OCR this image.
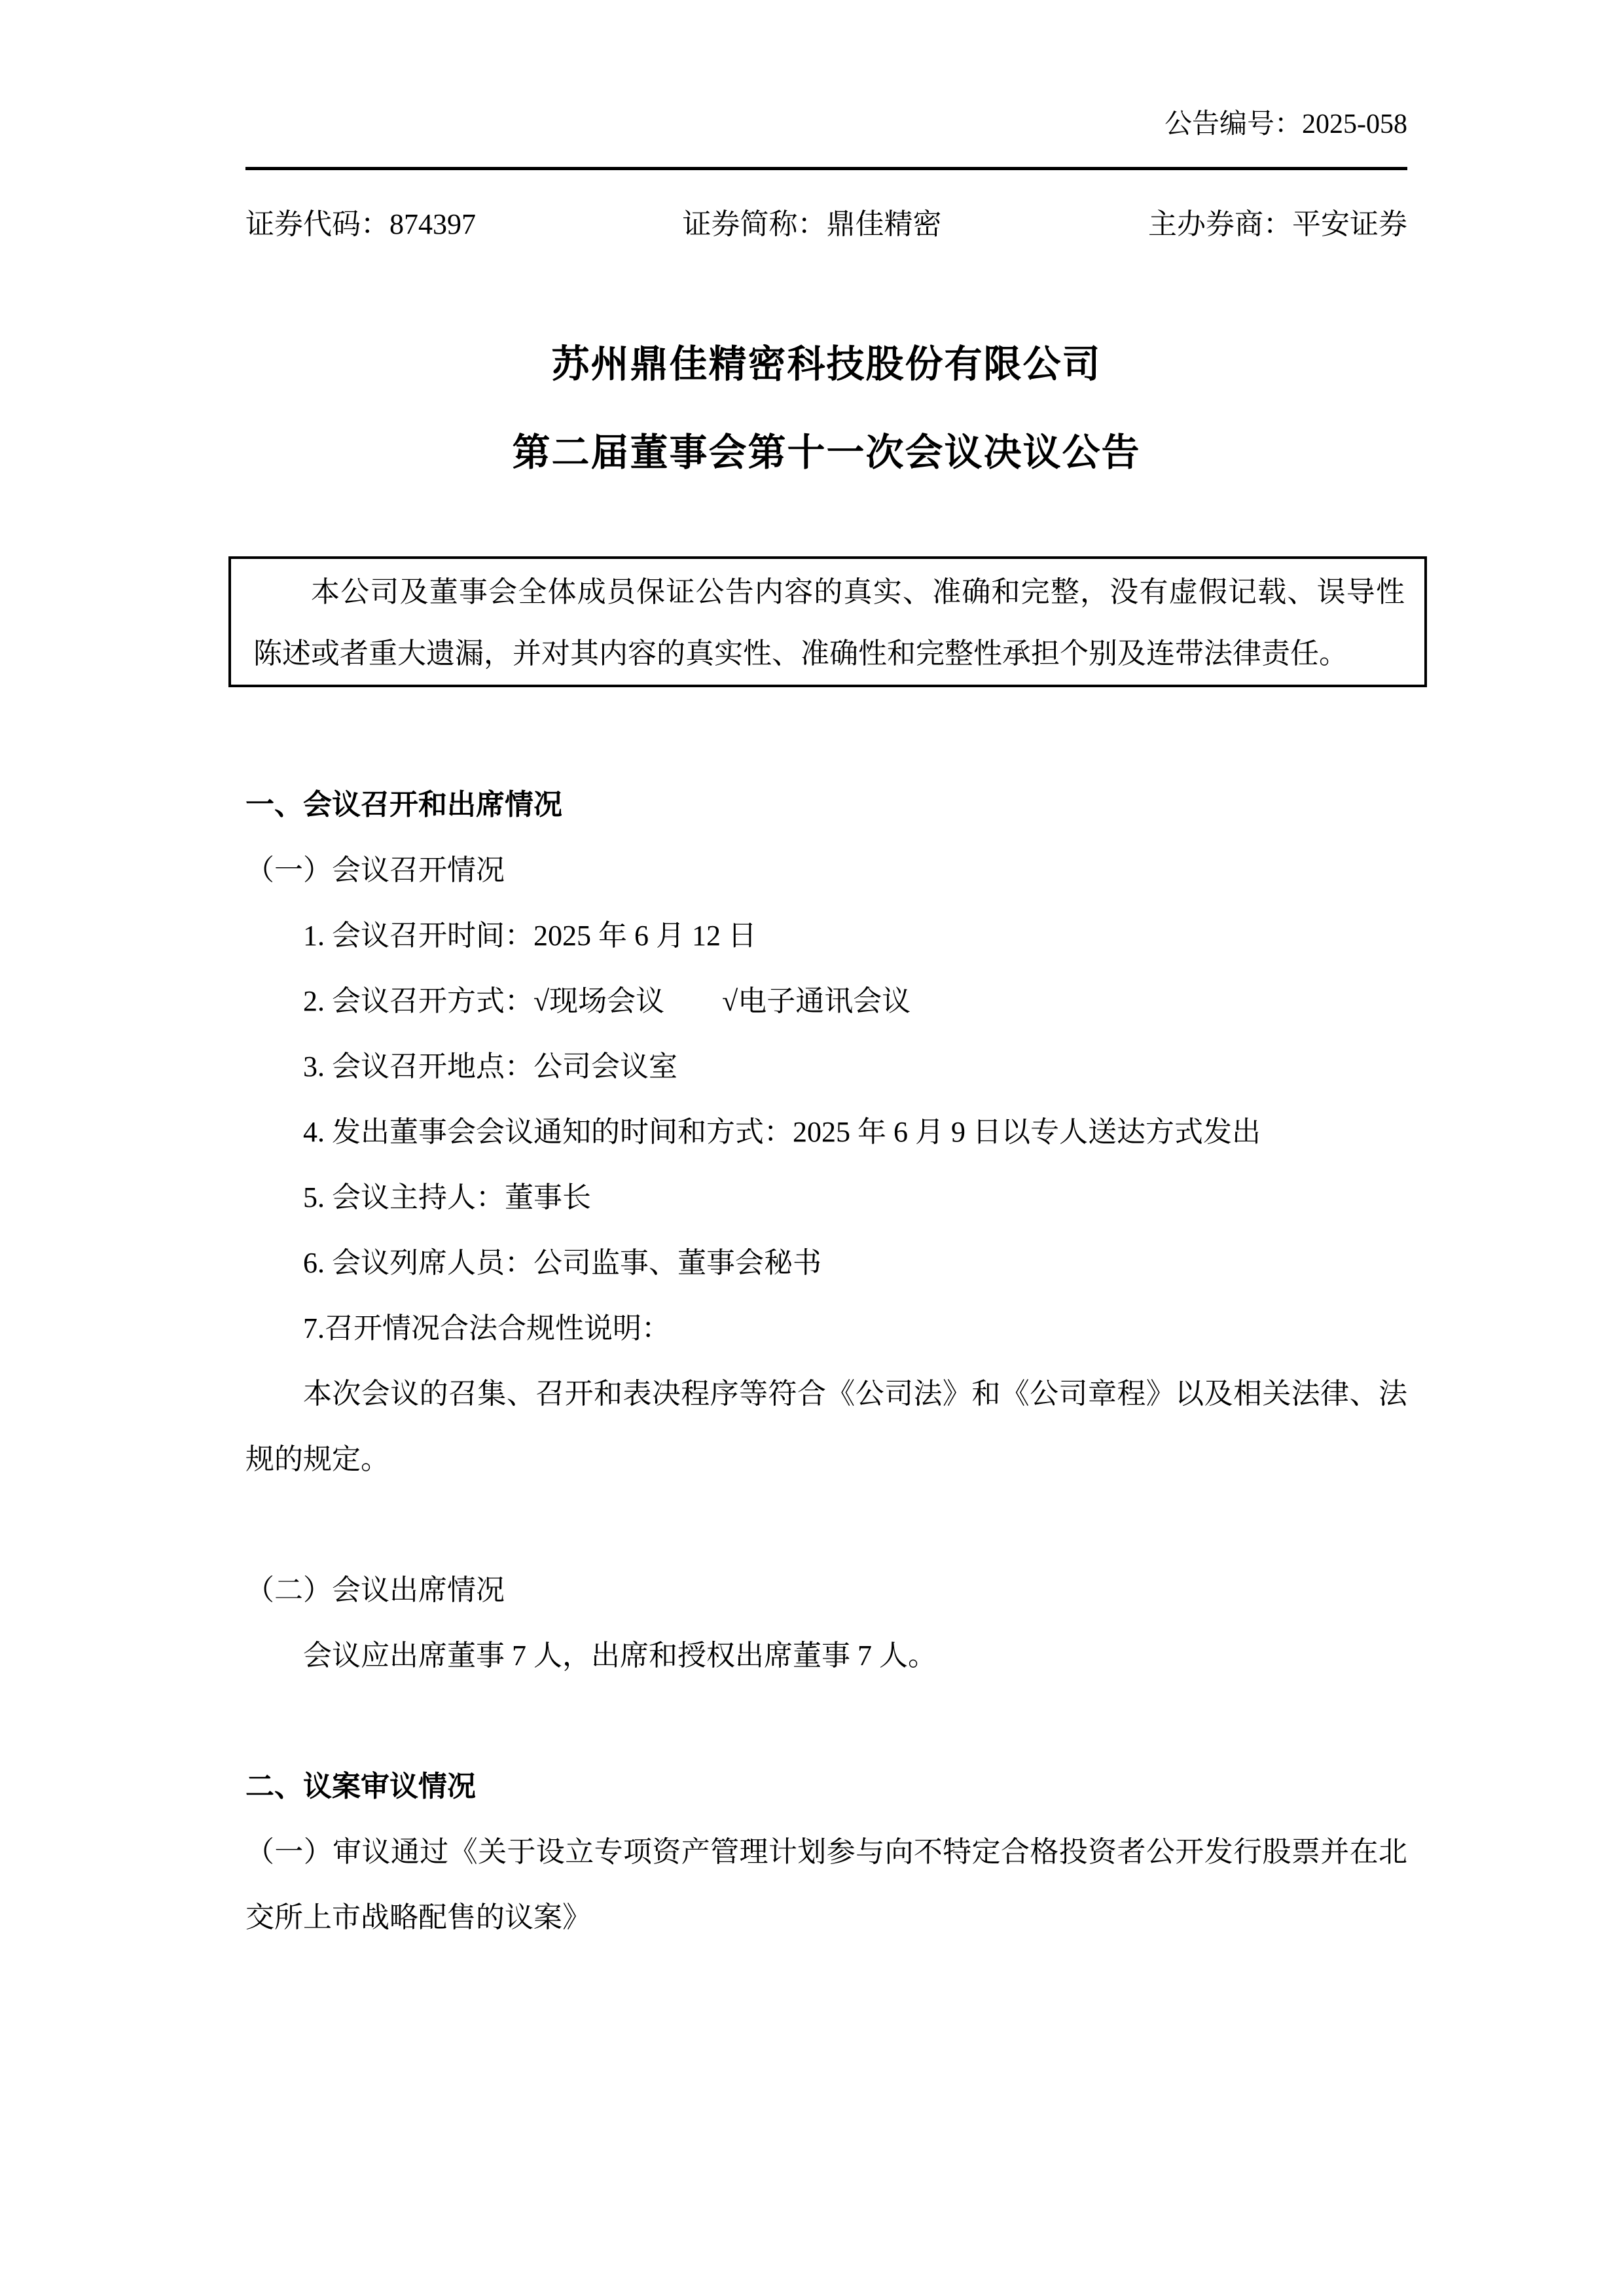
公告编号：2025-058

证券代码：874397	证券简称：鼎佳精密	主办券商：平安证券

苏州鼎佳精密科技股份有限公司

第二届董事会第十一次会议决议公告

本公司及董事会全体成员保证公告内容的真实、准确和完整，没有虚假记载、误导性陈述或者重大遗漏，并对其内容的真实性、准确性和完整性承担个别及连带法律责任。

一、会议召开和出席情况

（一）会议召开情况

1. 会议召开时间：2025 年 6 月 12 日

2. 会议召开方式：√现场会议　　√电子通讯会议

3. 会议召开地点：公司会议室

4. 发出董事会会议通知的时间和方式：2025 年 6 月 9 日以专人送达方式发出

5. 会议主持人：董事长

6. 会议列席人员：公司监事、董事会秘书

7.召开情况合法合规性说明：

本次会议的召集、召开和表决程序等符合《公司法》和《公司章程》以及相关法律、法规的规定。

（二）会议出席情况

会议应出席董事 7 人，出席和授权出席董事 7 人。

二、议案审议情况

（一）审议通过《关于设立专项资产管理计划参与向不特定合格投资者公开发行股票并在北交所上市战略配售的议案》
